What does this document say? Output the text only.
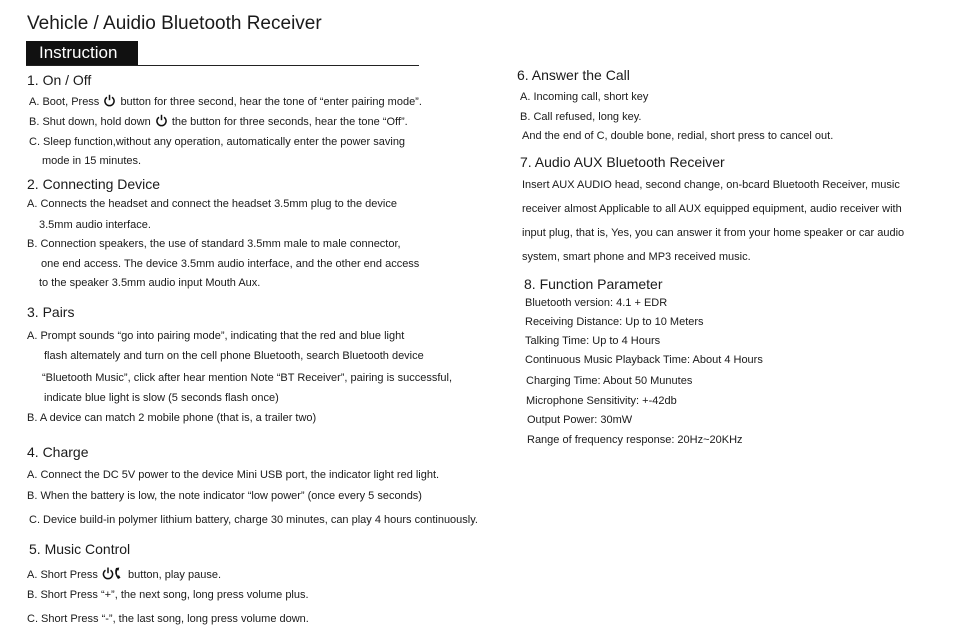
Vehicle / Auidio Bluetooth Receiver
Instruction
1. On / Off
A. Boot, Press button for three second, hear the tone of “enter pairing mode”.
B. Shut down, hold down the button for three seconds, hear the tone “Off”.
C. Sleep function,without any operation, automatically enter the power saving
mode in 15 minutes.
2. Connecting Device
A. Connects the headset and connect the headset 3.5mm plug to the device
3.5mm audio interface.
B. Connection speakers, the use of standard 3.5mm male to male connector,
one end access. The device 3.5mm audio interface, and the other end access
to the speaker 3.5mm audio input Mouth Aux.
3. Pairs
A. Prompt sounds “go into pairing mode”, indicating that the red and blue light
flash altemately and turn on the cell phone Bluetooth, search Bluetooth device
“Bluetooth Music”, click after hear mention Note “BT Receiver”, pairing is successful,
indicate blue light is slow (5 seconds flash once)
B. A device can match 2 mobile phone (that is, a trailer two)
4. Charge
A. Connect the DC 5V power to the device Mini USB port, the indicator light red light.
B. When the battery is low, the note indicator “low power” (once every 5 seconds)
C. Device build-in polymer lithium battery, charge 30 minutes, can play 4 hours continuously.
5. Music Control
A. Short Press	button, play pause.
B. Short Press “+”, the next song, long press volume plus.
C. Short Press “-”, the last song, long press volume down.
6. Answer the Call
A. Incoming call, short key
B. Call refused, long key.
And the end of C, double bone, redial, short press to cancel out.
7. Audio AUX Bluetooth Receiver
Insert AUX AUDIO head, second change, on-bcard Bluetooth Receiver, music
receiver almost Applicable to all AUX equipped equipment, audio receiver with
input plug, that is, Yes, you can answer it from your home speaker or car audio
system, smart phone and MP3 received music.
8. Function Parameter
Bluetooth version: 4.1 + EDR
Receiving Distance: Up to 10 Meters
Talking Time: Up to 4 Hours
Continuous Music Playback Time: About 4 Hours
Charging Time: About 50 Munutes
Microphone Sensitivity: +-42db
Output Power: 30mW
Range of frequency response: 20Hz~20KHz
